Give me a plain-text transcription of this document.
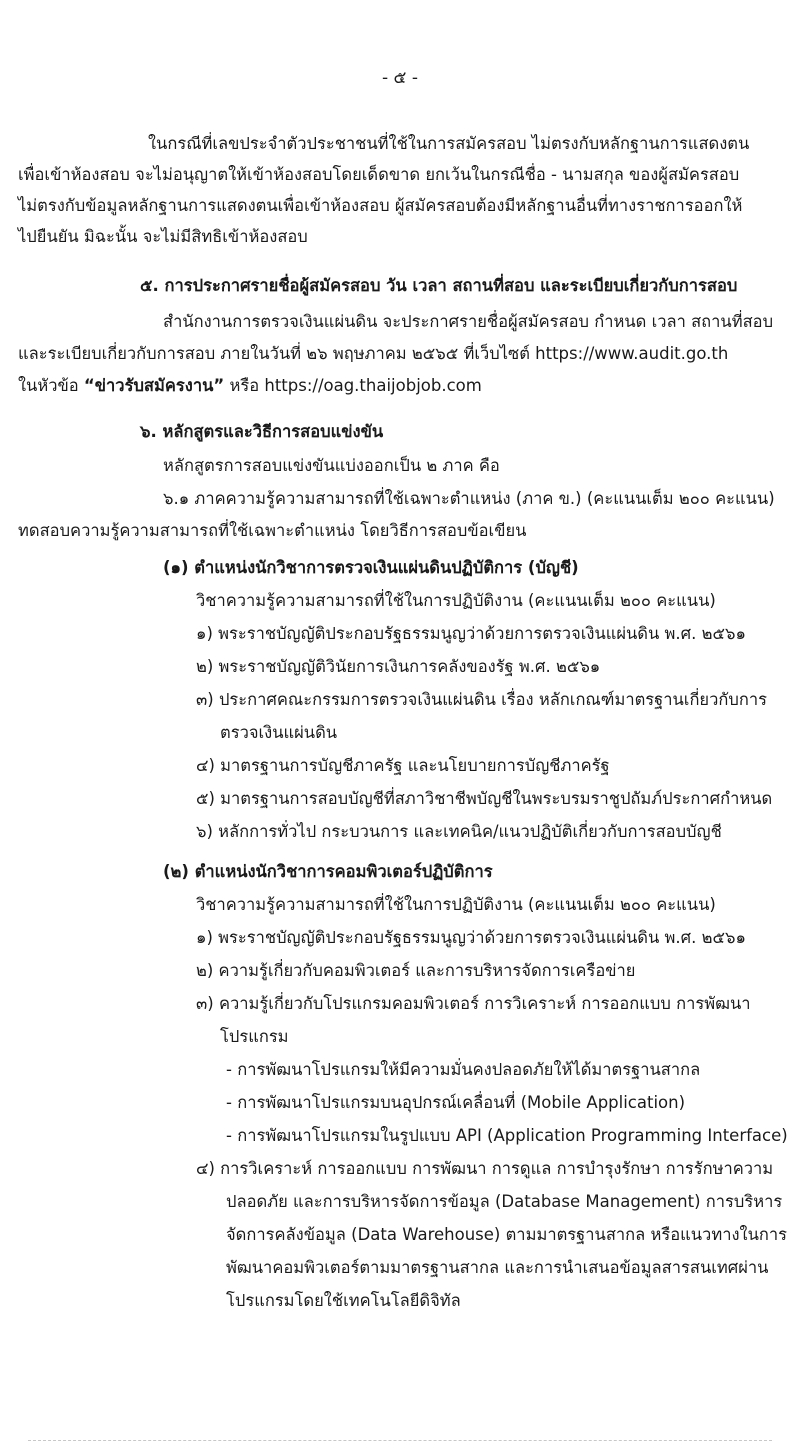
- ๕ -
ในกรณีที่เลขประจำตัวประชาชนที่ใช้ในการสมัครสอบ ไม่ตรงกับหลักฐานการแสดงตน
เพื่อเข้าห้องสอบ จะไม่อนุญาตให้เข้าห้องสอบโดยเด็ดขาด ยกเว้นในกรณีชื่อ - นามสกุล ของผู้สมัครสอบ
ไม่ตรงกับข้อมูลหลักฐานการแสดงตนเพื่อเข้าห้องสอบ ผู้สมัครสอบต้องมีหลักฐานอื่นที่ทางราชการออกให้
ไปยืนยัน มิฉะนั้น จะไม่มีสิทธิเข้าห้องสอบ
๕. การประกาศรายชื่อผู้สมัครสอบ วัน เวลา สถานที่สอบ และระเบียบเกี่ยวกับการสอบ
สำนักงานการตรวจเงินแผ่นดิน จะประกาศรายชื่อผู้สมัครสอบ กำหนด เวลา สถานที่สอบ
และระเบียบเกี่ยวกับการสอบ ภายในวันที่ ๒๖ พฤษภาคม ๒๕๖๕ ที่เว็บไซต์ https://www.audit.go.th
ในหัวข้อ “ข่าวรับสมัครงาน” หรือ https://oag.thaijobjob.com
๖. หลักสูตรและวิธีการสอบแข่งขัน
หลักสูตรการสอบแข่งขันแบ่งออกเป็น ๒ ภาค คือ
๖.๑ ภาคความรู้ความสามารถที่ใช้เฉพาะตำแหน่ง (ภาค ข.) (คะแนนเต็ม ๒๐๐ คะแนน)
ทดสอบความรู้ความสามารถที่ใช้เฉพาะตำแหน่ง โดยวิธีการสอบข้อเขียน
(๑) ตำแหน่งนักวิชาการตรวจเงินแผ่นดินปฏิบัติการ (บัญชี)
วิชาความรู้ความสามารถที่ใช้ในการปฏิบัติงาน (คะแนนเต็ม ๒๐๐ คะแนน)
๑) พระราชบัญญัติประกอบรัฐธรรมนูญว่าด้วยการตรวจเงินแผ่นดิน พ.ศ. ๒๕๖๑
๒) พระราชบัญญัติวินัยการเงินการคลังของรัฐ พ.ศ. ๒๕๖๑
๓) ประกาศคณะกรรมการตรวจเงินแผ่นดิน เรื่อง หลักเกณฑ์มาตรฐานเกี่ยวกับการ
ตรวจเงินแผ่นดิน
๔) มาตรฐานการบัญชีภาครัฐ และนโยบายการบัญชีภาครัฐ
๕) มาตรฐานการสอบบัญชีที่สภาวิชาชีพบัญชีในพระบรมราชูปถัมภ์ประกาศกำหนด
๖) หลักการทั่วไป กระบวนการ และเทคนิค/แนวปฏิบัติเกี่ยวกับการสอบบัญชี
(๒) ตำแหน่งนักวิชาการคอมพิวเตอร์ปฏิบัติการ
วิชาความรู้ความสามารถที่ใช้ในการปฏิบัติงาน (คะแนนเต็ม ๒๐๐ คะแนน)
๑) พระราชบัญญัติประกอบรัฐธรรมนูญว่าด้วยการตรวจเงินแผ่นดิน พ.ศ. ๒๕๖๑
๒) ความรู้เกี่ยวกับคอมพิวเตอร์ และการบริหารจัดการเครือข่าย
๓) ความรู้เกี่ยวกับโปรแกรมคอมพิวเตอร์ การวิเคราะห์ การออกแบบ การพัฒนา
โปรแกรม
- การพัฒนาโปรแกรมให้มีความมั่นคงปลอดภัยให้ได้มาตรฐานสากล
- การพัฒนาโปรแกรมบนอุปกรณ์เคลื่อนที่ (Mobile Application)
- การพัฒนาโปรแกรมในรูปแบบ API (Application Programming Interface)
๔) การวิเคราะห์ การออกแบบ การพัฒนา การดูแล การบำรุงรักษา การรักษาความ
ปลอดภัย และการบริหารจัดการข้อมูล (Database Management) การบริหาร
จัดการคลังข้อมูล (Data Warehouse) ตามมาตรฐานสากล หรือแนวทางในการ
พัฒนาคอมพิวเตอร์ตามมาตรฐานสากล และการนำเสนอข้อมูลสารสนเทศผ่าน
โปรแกรมโดยใช้เทคโนโลยีดิจิทัล
